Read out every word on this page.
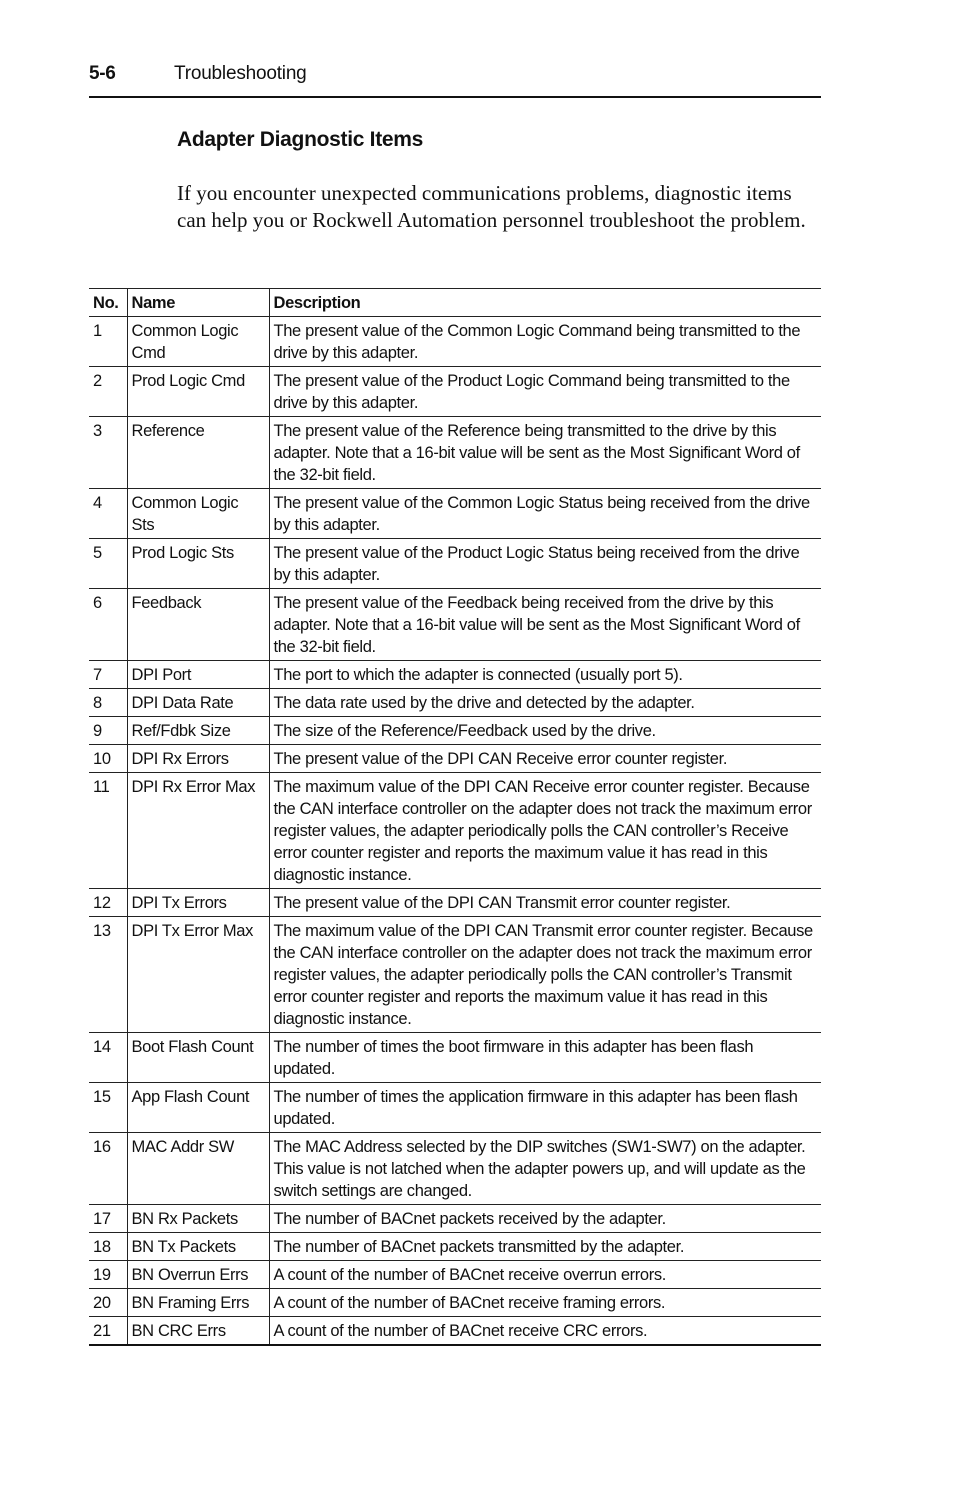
5-6	Troubleshooting
Adapter Diagnostic Items

If you encounter unexpected communications problems, diagnostic items can help you or Rockwell Automation personnel troubleshoot the problem.

No.	Name	Description
1	Common Logic Cmd	The present value of the Common Logic Command being transmitted to the drive by this adapter.
2	Prod Logic Cmd	The present value of the Product Logic Command being transmitted to the drive by this adapter.
3	Reference	The present value of the Reference being transmitted to the drive by this adapter. Note that a 16-bit value will be sent as the Most Significant Word of the 32-bit field.
4	Common Logic Sts	The present value of the Common Logic Status being received from the drive by this adapter.
5	Prod Logic Sts	The present value of the Product Logic Status being received from the drive by this adapter.
6	Feedback	The present value of the Feedback being received from the drive by this adapter. Note that a 16-bit value will be sent as the Most Significant Word of the 32-bit field.
7	DPI Port	The port to which the adapter is connected (usually port 5).
8	DPI Data Rate	The data rate used by the drive and detected by the adapter.
9	Ref/Fdbk Size	The size of the Reference/Feedback used by the drive.
10	DPI Rx Errors	The present value of the DPI CAN Receive error counter register.
11	DPI Rx Error Max	The maximum value of the DPI CAN Receive error counter register. Because the CAN interface controller on the adapter does not track the maximum error register values, the adapter periodically polls the CAN controller’s Receive error counter register and reports the maximum value it has read in this diagnostic instance.
12	DPI Tx Errors	The present value of the DPI CAN Transmit error counter register.
13	DPI Tx Error Max	The maximum value of the DPI CAN Transmit error counter register. Because the CAN interface controller on the adapter does not track the maximum error register values, the adapter periodically polls the CAN controller’s Transmit error counter register and reports the maximum value it has read in this diagnostic instance.
14	Boot Flash Count	The number of times the boot firmware in this adapter has been flash updated.
15	App Flash Count	The number of times the application firmware in this adapter has been flash updated.
16	MAC Addr SW	The MAC Address selected by the DIP switches (SW1-SW7) on the adapter. This value is not latched when the adapter powers up, and will update as the switch settings are changed.
17	BN Rx Packets	The number of BACnet packets received by the adapter.
18	BN Tx Packets	The number of BACnet packets transmitted by the adapter.
19	BN Overrun Errs	A count of the number of BACnet receive overrun errors.
20	BN Framing Errs	A count of the number of BACnet receive framing errors.
21	BN CRC Errs	A count of the number of BACnet receive CRC errors.
